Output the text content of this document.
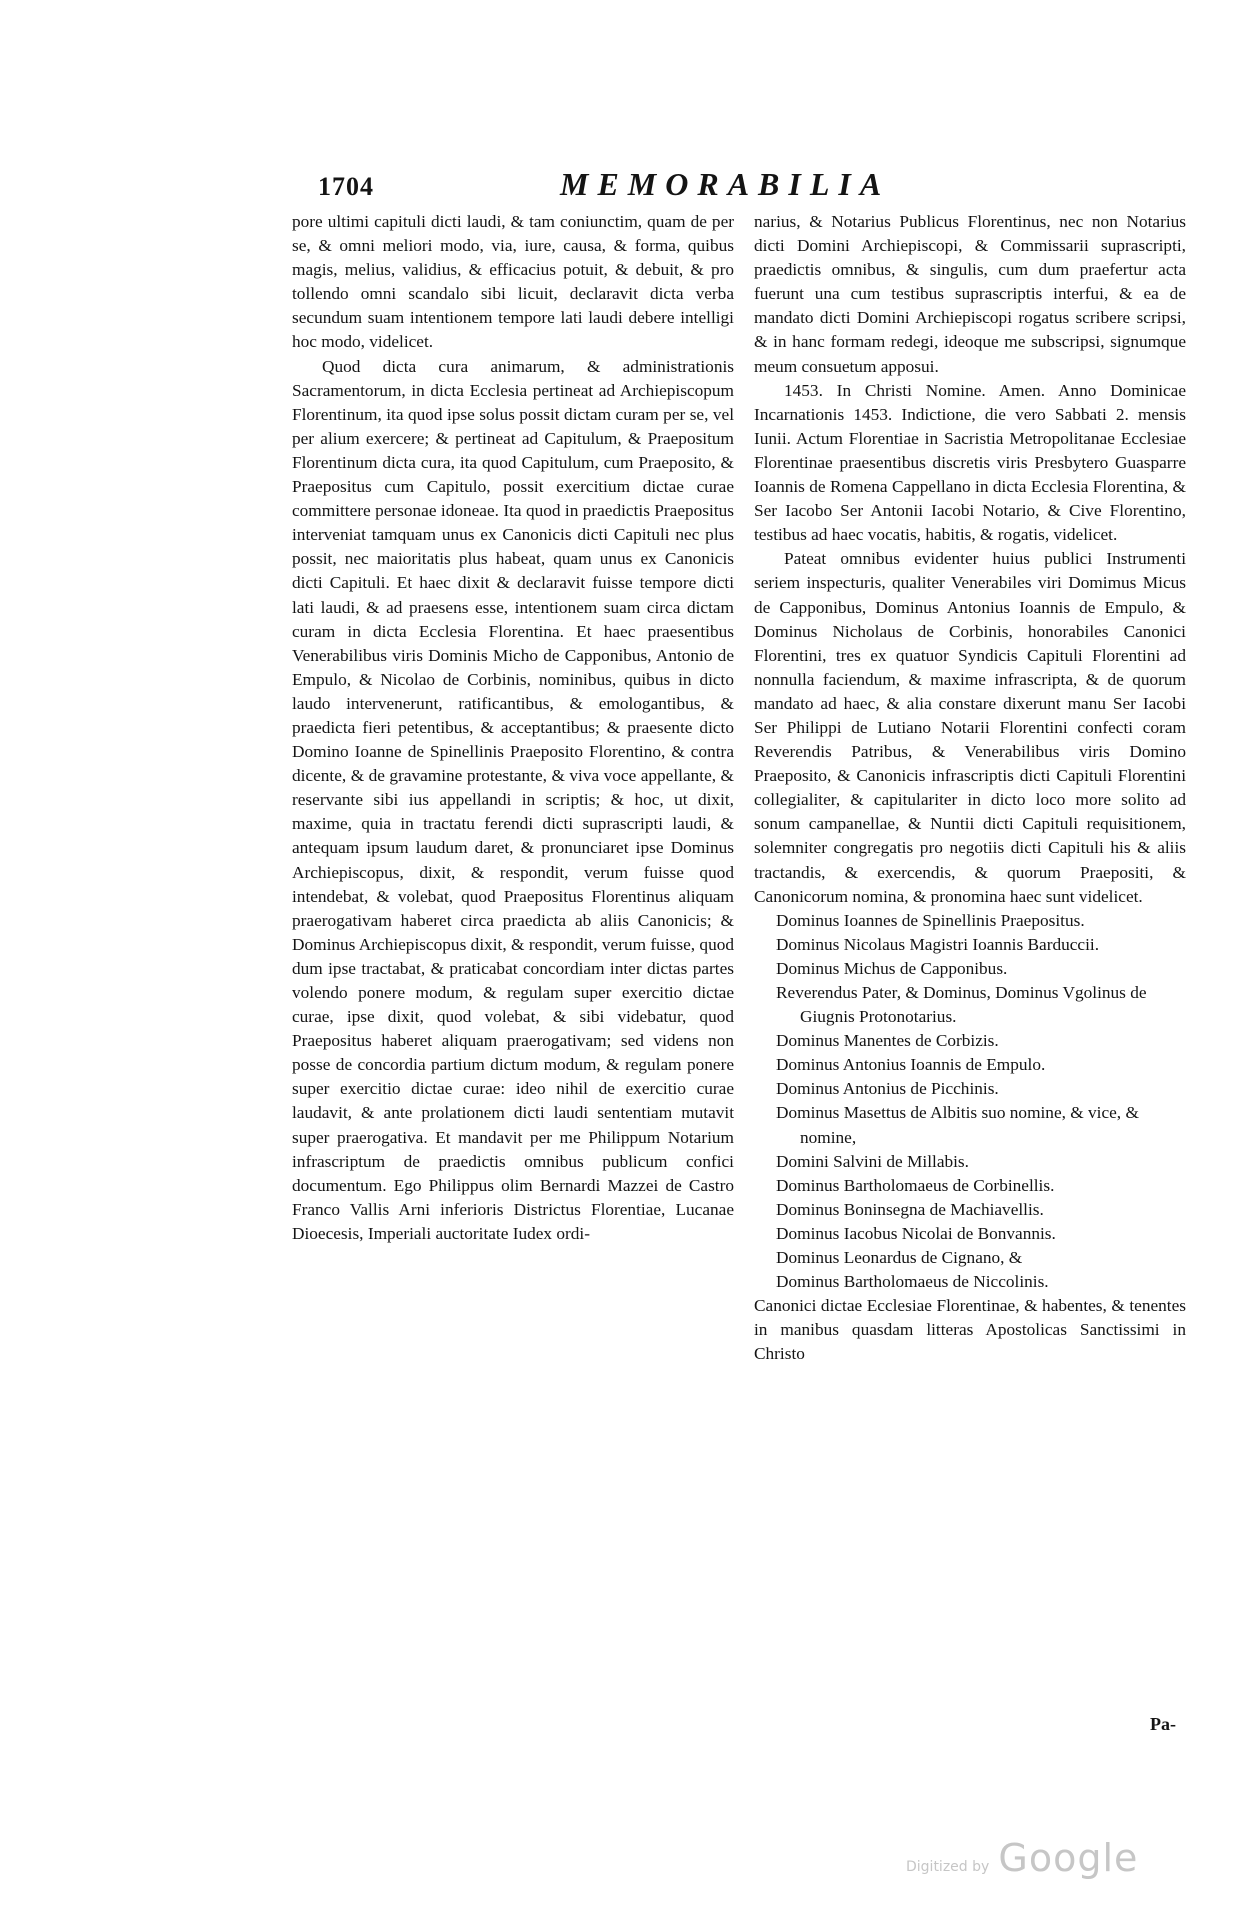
1704	MEMORABILIA

pore ultimi capituli dicti laudi, & tam coniunctim, quam de per se, & omni meliori modo, via, iure, causa, & forma, quibus magis, melius, validius, & efficacius potuit, & debuit, & pro tollendo omni scandalo sibi licuit, declaravit dicta verba secundum suam intentionem tempore lati laudi debere intelligi hoc modo, videlicet.

Quod dicta cura animarum, & administrationis Sacramentorum, in dicta Ecclesia pertineat ad Archiepiscopum Florentinum, ita quod ipse solus possit dictam curam per se, vel per alium exercere; & pertineat ad Capitulum, & Praepositum Florentinum dicta cura, ita quod Capitulum, cum Praeposito, & Praepositus cum Capitulo, possit exercitium dictae curae committere personae idoneae. Ita quod in praedictis Praepositus interveniat tamquam unus ex Canonicis dicti Capituli nec plus possit, nec maioritatis plus habeat, quam unus ex Canonicis dicti Capituli. Et haec dixit & declaravit fuisse tempore dicti lati laudi, & ad praesens esse, intentionem suam circa dictam curam in dicta Ecclesia Florentina. Et haec praesentibus Venerabilibus viris Dominis Micho de Capponibus, Antonio de Empulo, & Nicolao de Corbinis, nominibus, quibus in dicto laudo intervenerunt, ratificantibus, & emologantibus, & praedicta fieri petentibus, & acceptantibus; & praesente dicto Domino Ioanne de Spinellinis Praeposito Florentino, & contra dicente, & de gravamine protestante, & viva voce appellante, & reservante sibi ius appellandi in scriptis; & hoc, ut dixit, maxime, quia in tractatu ferendi dicti suprascripti laudi, & antequam ipsum laudum daret, & pronunciaret ipse Dominus Archiepiscopus, dixit, & respondit, verum fuisse quod intendebat, & volebat, quod Praepositus Florentinus aliquam praerogativam haberet circa praedicta ab aliis Canonicis; & Dominus Archiepiscopus dixit, & respondit, verum fuisse, quod dum ipse tractabat, & praticabat concordiam inter dictas partes volendo ponere modum, & regulam super exercitio dictae curae, ipse dixit, quod volebat, & sibi videbatur, quod Praepositus haberet aliquam praerogativam; sed videns non posse de concordia partium dictum modum, & regulam ponere super exercitio dictae curae: ideo nihil de exercitio curae laudavit, & ante prolationem dicti laudi sententiam mutavit super praerogativa. Et mandavit per me Philippum Notarium infrascriptum de praedictis omnibus publicum confici documentum. Ego Philippus olim Bernardi Mazzei de Castro Franco Vallis Arni inferioris Districtus Florentiae, Lucanae Dioecesis, Imperiali auctoritate Iudex ordi-

narius, & Notarius Publicus Florentinus, nec non Notarius dicti Domini Archiepiscopi, & Commissarii suprascripti, praedictis omnibus, & singulis, cum dum praefertur acta fuerunt una cum testibus suprascriptis interfui, & ea de mandato dicti Domini Archiepiscopi rogatus scribere scripsi, & in hanc formam redegi, ideoque me subscripsi, signumque meum consuetum apposui.

1453. In Christi Nomine. Amen. Anno Dominicae Incarnationis 1453. Indictione, die vero Sabbati 2. mensis Iunii. Actum Florentiae in Sacristia Metropolitanae Ecclesiae Florentinae praesentibus discretis viris Presbytero Guasparre Ioannis de Romena Cappellano in dicta Ecclesia Florentina, & Ser Iacobo Ser Antonii Iacobi Notario, & Cive Florentino, testibus ad haec vocatis, habitis, & rogatis, videlicet.

Pateat omnibus evidenter huius publici Instrumenti seriem inspecturis, qualiter Venerabiles viri Domimus Micus de Capponibus, Dominus Antonius Ioannis de Empulo, & Dominus Nicholaus de Corbinis, honorabiles Canonici Florentini, tres ex quatuor Syndicis Capituli Florentini ad nonnulla faciendum, & maxime infrascripta, & de quorum mandato ad haec, & alia constare dixerunt manu Ser Iacobi Ser Philippi de Lutiano Notarii Florentini confecti coram Reverendis Patribus, & Venerabilibus viris Domino Praeposito, & Canonicis infrascriptis dicti Capituli Florentini collegialiter, & capitulariter in dicto loco more solito ad sonum campanellae, & Nuntii dicti Capituli requisitionem, solemniter congregatis pro negotiis dicti Capituli his & aliis tractandis, & exercendis, & quorum Praepositi, & Canonicorum nomina, & pronomina haec sunt videlicet.

Dominus Ioannes de Spinellinis Praepositus.
Dominus Nicolaus Magistri Ioannis Barduccii.
Dominus Michus de Capponibus.
Reverendus Pater, & Dominus, Dominus Vgolinus de Giugnis Protonotarius.
Dominus Manentes de Corbizis.
Dominus Antonius Ioannis de Empulo.
Dominus Antonius de Picchinis.
Dominus Masettus de Albitis suo nomine, & vice, & nomine,
Domini Salvini de Millabis.
Dominus Bartholomaeus de Corbinellis.
Dominus Boninsegna de Machiavellis.
Dominus Iacobus Nicolai de Bonvannis.
Dominus Leonardus de Cignano, &
Dominus Bartholomaeus de Niccolinis.

Canonici dictae Ecclesiae Florentinae, & habentes, & tenentes in manibus quasdam litteras Apostolicas Sanctissimi in Christo

Pa-
Digitized by Google
